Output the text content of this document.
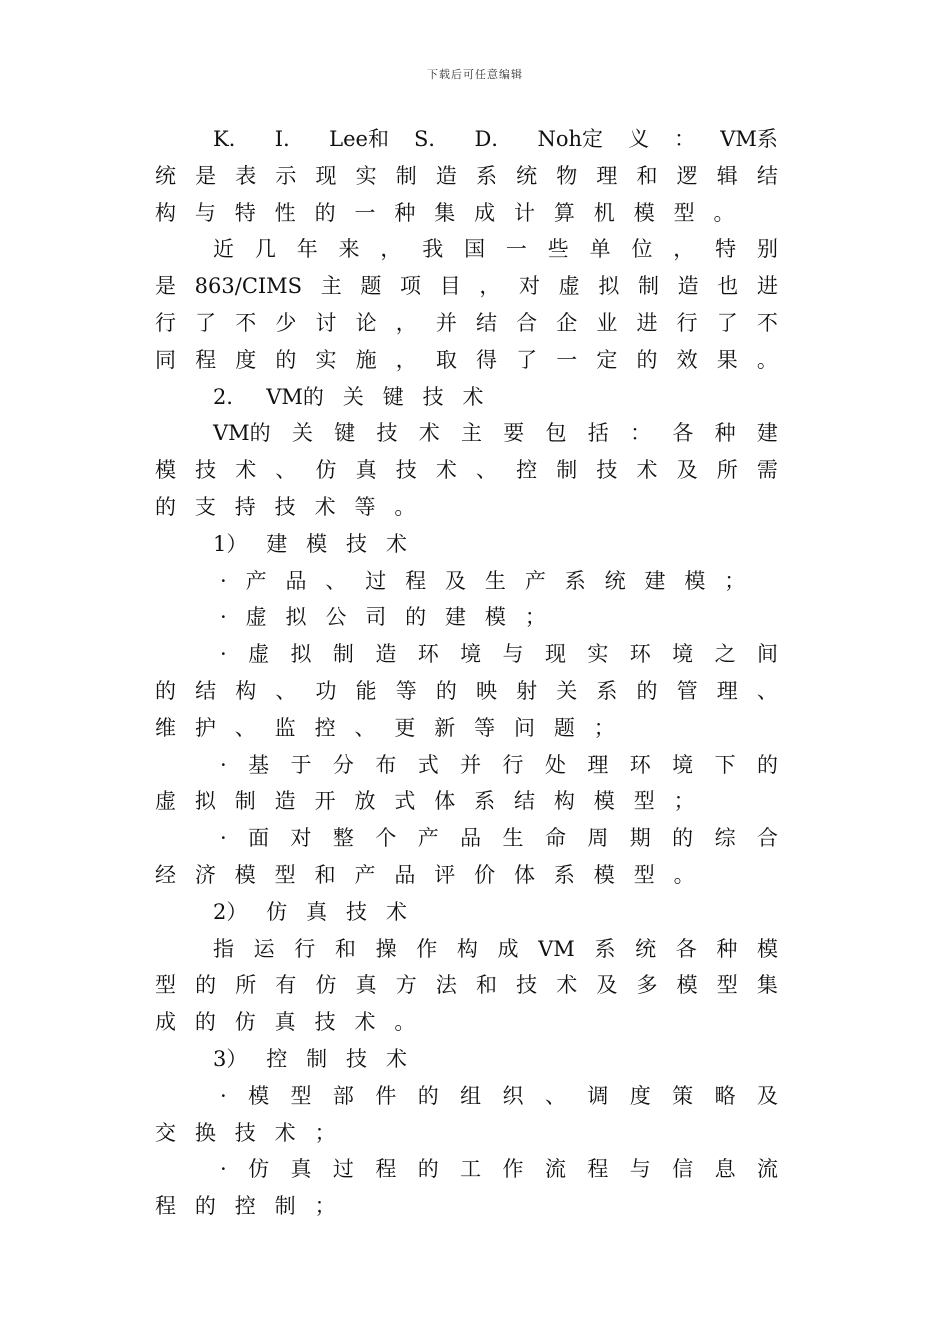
下载后可任意编辑
K． I． Lee和 S． D． Noh定 义 ： VM系
统 是 表 示 现 实 制 造 系 统 物 理 和 逻 辑 结
构 与 特 性 的 一 种 集 成 计 算 机 模 型 。
近 几 年 来 ， 我 国 一 些 单 位 ， 特 别
是 863/CIMS 主 题 项 目 ， 对 虚 拟 制 造 也 进
行 了 不 少 讨 论 ， 并 结 合 企 业 进 行 了 不
同 程 度 的 实 施 ， 取 得 了 一 定 的 效 果 。
2． VM的 关 键 技 术
VM的 关 键 技 术 主 要 包 括 ： 各 种 建
模 技 术 、 仿 真 技 术 、 控 制 技 术 及 所 需
的 支 持 技 术 等 。
1） 建 模 技 术
· 产 品 、 过 程 及 生 产 系 统 建 模 ；
· 虚 拟 公 司 的 建 模 ；
· 虚 拟 制 造 环 境 与 现 实 环 境 之 间
的 结 构 、 功 能 等 的 映 射 关 系 的 管 理 、
维 护 、 监 控 、 更 新 等 问 题 ；
· 基 于 分 布 式 并 行 处 理 环 境 下 的
虚 拟 制 造 开 放 式 体 系 结 构 模 型 ；
· 面 对 整 个 产 品 生 命 周 期 的 综 合
经 济 模 型 和 产 品 评 价 体 系 模 型 。
2） 仿 真 技 术
指 运 行 和 操 作 构 成 VM 系 统 各 种 模
型 的 所 有 仿 真 方 法 和 技 术 及 多 模 型 集
成 的 仿 真 技 术 。
3） 控 制 技 术
· 模 型 部 件 的 组 织 、 调 度 策 略 及
交 换 技 术 ；
· 仿 真 过 程 的 工 作 流 程 与 信 息 流
程 的 控 制 ；
